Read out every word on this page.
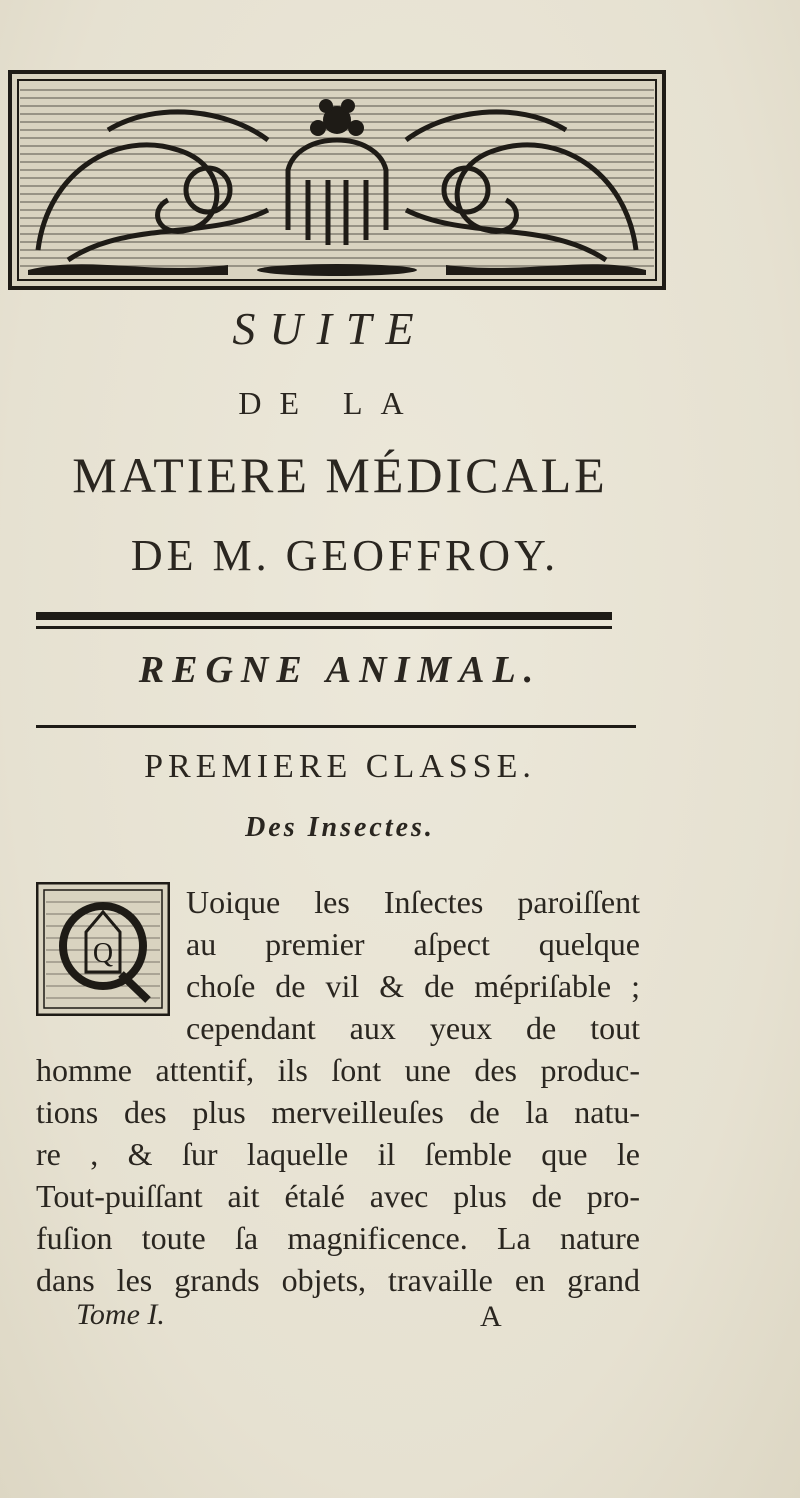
SUITE
DE LA
MATIERE MÉDICALE
DE M. GEOFFROY.
REGNE ANIMAL.
PREMIERE CLASSE.
Des Insectes.
Q
Uoique les Inſectes paroiſſent
au premier aſpect quelque
choſe de vil & de mépriſable ;
cependant aux yeux de tout
homme attentif, ils ſont une des produc-
tions des plus merveilleuſes de la natu-
re , & ſur laquelle il ſemble que le
Tout-puiſſant ait étalé avec plus de pro-
fuſion toute ſa magnificence. La nature
dans les grands objets, travaille en grand
Tome I.	A
